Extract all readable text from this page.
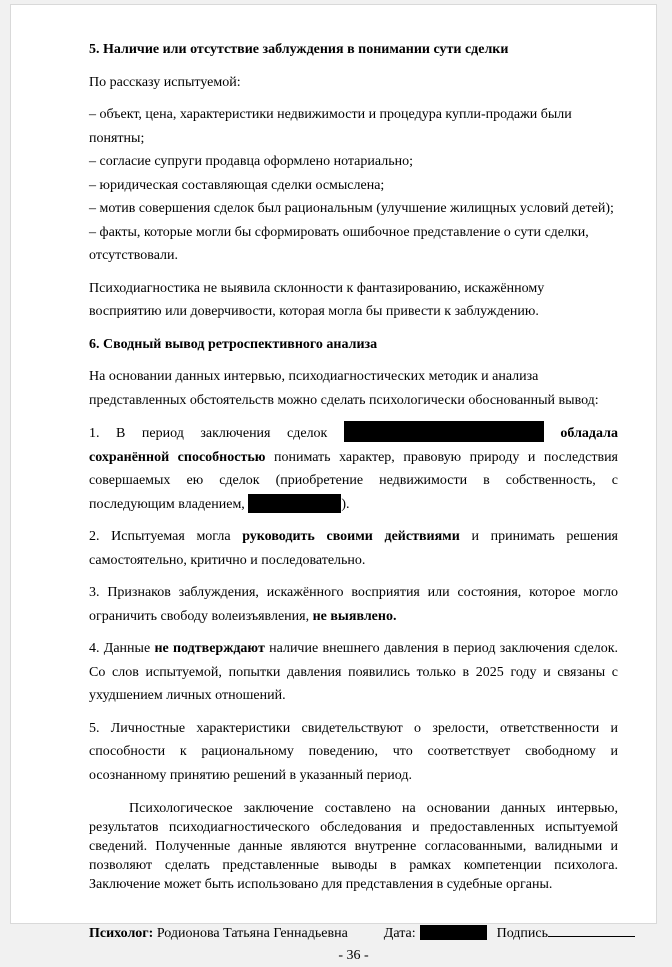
5. Наличие или отсутствие заблуждения в понимании сути сделки

По рассказу испытуемой:

– объект, цена, характеристики недвижимости и процедура купли-продажи были понятны;

– согласие супруги продавца оформлено нотариально;

– юридическая составляющая сделки осмыслена;

– мотив совершения сделок был рациональным (улучшение жилищных условий детей);

– факты, которые могли бы сформировать ошибочное представление о сути сделки, отсутствовали.

Психодиагностика не выявила склонности к фантазированию, искажённому восприятию или доверчивости, которая могла бы привести к заблуждению.

6. Сводный вывод ретроспективного анализа

На основании данных интервью, психодиагностических методик и анализа представленных обстоятельств можно сделать психологически обоснованный вывод:

1. В период заключения сделок	обладала сохранённой способностью понимать характер, правовую природу и последствия совершаемых ею сделок (приобретение недвижимости в собственность, с последующим владением,	).

2. Испытуемая могла руководить своими действиями и принимать решения самостоятельно, критично и последовательно.

3. Признаков заблуждения, искажённого восприятия или состояния, которое могло ограничить свободу волеизъявления, не выявлено.

4. Данные не подтверждают наличие внешнего давления в период заключения сделок. Со слов испытуемой, попытки давления появились только в 2025 году и связаны с ухудшением личных отношений.

5. Личностные характеристики свидетельствуют о зрелости, ответственности и способности к рациональному поведению, что соответствует свободному и осознанному принятию решений в указанный период.

Психологическое заключение составлено на основании данных интервью, результатов психодиагностического обследования и предоставленных испытуемой сведений. Полученные данные являются внутренне согласованными, валидными и позволяют сделать представленные выводы в рамках компетенции психолога. Заключение может быть использовано для представления в судебные органы.

Психолог: Родионова Татьяна Геннадьевна	Дата:	Подпись

- 36 -
